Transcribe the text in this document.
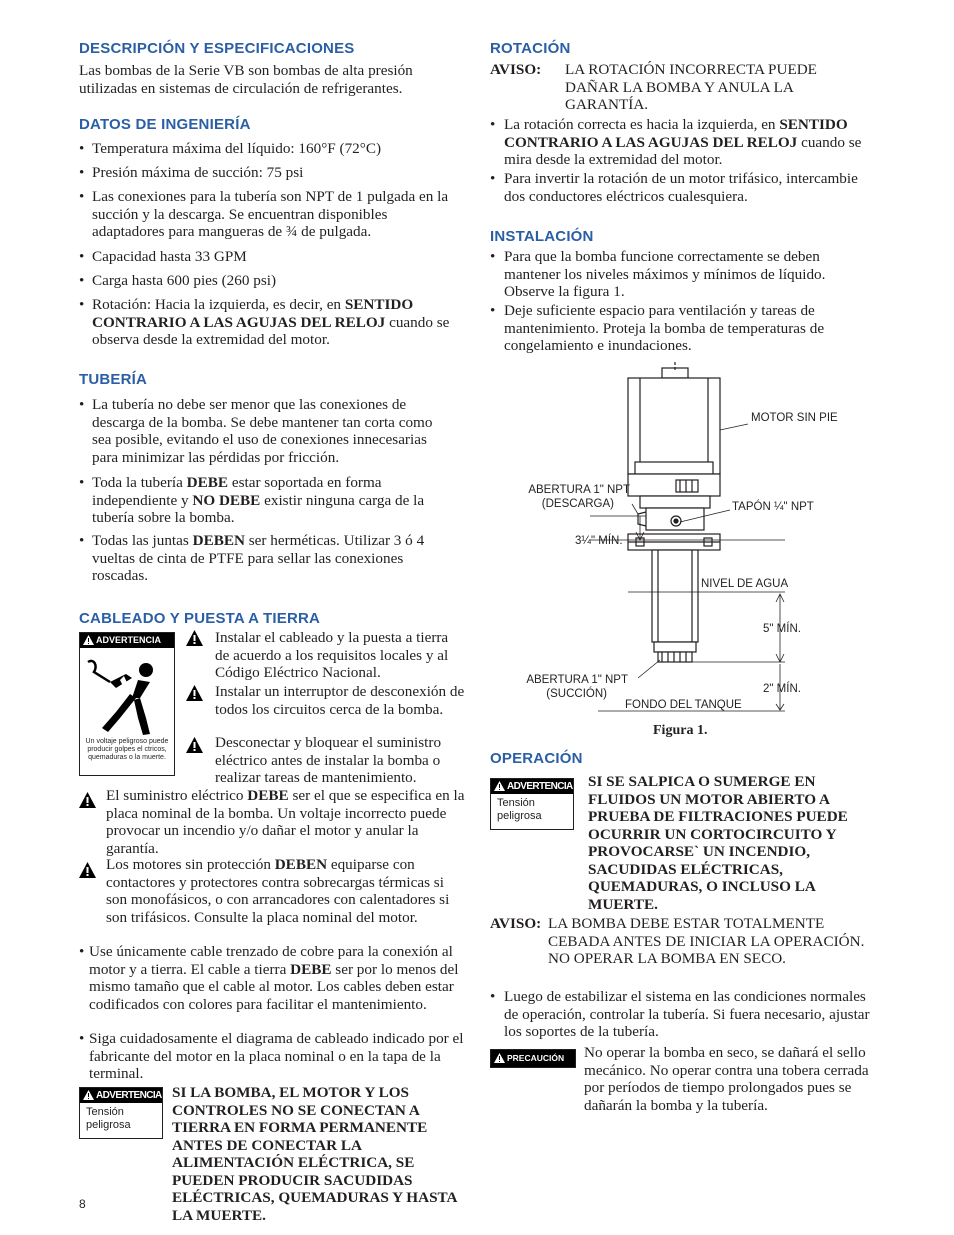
DESCRIPCIÓN Y ESPECIFICACIONES

Las bombas de la Serie VB son bombas de alta presión utilizadas en sistemas de circulación de refrigerantes.

DATOS DE INGENIERÍA
• Temperatura máxima del líquido: 160°F (72°C)
• Presión máxima de succión: 75 psi
• Las conexiones para la tubería son NPT de 1 pulgada en la succión y la descarga. Se encuentran disponibles adaptadores para mangueras de ¾ de pulgada.
• Capacidad hasta 33 GPM
• Carga hasta 600 pies (260 psi)
• Rotación: Hacia la izquierda, es decir, en SENTIDO CONTRARIO A LAS AGUJAS DEL RELOJ cuando se observa desde la extremidad del motor.
TUBERÍA
• La tubería no debe ser menor que las conexiones de descarga de la bomba. Se debe mantener tan corta como sea posible, evitando el uso de conexiones innecesarias para minimizar las pérdidas por fricción.
• Toda la tubería DEBE estar soportada en forma independiente y NO DEBE existir ninguna carga de la tubería sobre la bomba.
• Todas las juntas DEBEN ser herméticas. Utilizar 3 ó 4 vueltas de cinta de PTFE para sellar las conexiones roscadas.
CABLEADO Y PUESTA A TIERRA
ADVERTENCIA
Un voltaje peligroso puede producir golpes el ctricos, quemaduras o la muerte.

Instalar el cableado y la puesta a tierra de acuerdo a los requisitos locales y al Código Eléctrico Nacional.

Instalar un interruptor de desconexión de todos los circuitos cerca de la bomba.

Desconectar y bloquear el suministro eléctrico antes de instalar la bomba o realizar tareas de mantenimiento.

El suministro eléctrico DEBE ser el que se especifica en la placa nominal de la bomba. Un voltaje incorrecto puede provocar un incendio y/o dañar el motor y anular la garantía.

Los motores sin protección DEBEN equiparse con contactores y protectores contra sobrecargas térmicas si son monofásicos, o con arrancadores con calentadores si son trifásicos. Consulte la placa nominal del motor.

• Use únicamente cable trenzado de cobre para la conexión al motor y a tierra. El cable a tierra DEBE ser por lo menos del mismo tamaño que el cable al motor. Los cables deben estar codificados con colores para facilitar el mantenimiento.
• Siga cuidadosamente el diagrama de cableado indicado por el fabricante del motor en la placa nominal o en la tapa de la terminal.
ADVERTENCIA
Tensión peligrosa

SI LA BOMBA, EL MOTOR Y LOS CONTROLES NO SE CONECTAN A TIERRA EN FORMA PERMANENTE ANTES DE CONECTAR LA ALIMENTACIÓN ELÉCTRICA, SE PUEDEN PRODUCIR SACUDIDAS ELÉCTRICAS, QUEMADURAS Y HASTA LA MUERTE.

8
ROTACIÓN

AVISO: LA ROTACIÓN INCORRECTA PUEDE DAÑAR LA BOMBA Y ANULA LA GARANTÍA.

• La rotación correcta es hacia la izquierda, en SENTIDO CONTRARIO A LAS AGUJAS DEL RELOJ cuando se mira desde la extremidad del motor.
• Para invertir la rotación de un motor trifásico, intercambie dos conductores eléctricos cualesquiera.
INSTALACIÓN
• Para que la bomba funcione correctamente se deben mantener los niveles máximos y mínimos de líquido. Observe la figura 1.
• Deje suficiente espacio para ventilación y tareas de mantenimiento. Proteja la bomba de temperaturas de congelamiento e inundaciones.
MOTOR SIN PIE
ABERTURA 1" NPT
(DESCARGA)	TAPÓN ¼" NPT
3¼" MÍN.
NIVEL DE AGUA
5" MÍN.
ABERTURA 1" NPT
(SUCCIÓN)	2" MÍN.
FONDO DEL TANQUE

Figura 1.

OPERACIÓN
ADVERTENCIA
Tensión peligrosa

SI SE SALPICA O SUMERGE EN FLUIDOS UN MOTOR ABIERTO A PRUEBA DE FILTRACIONES PUEDE OCURRIR UN CORTOCIRCUITO Y PROVOCARSE` UN INCENDIO, SACUDIDAS ELÉCTRICAS, QUEMADURAS, O INCLUSO LA MUERTE.

AVISO: LA BOMBA DEBE ESTAR TOTALMENTE CEBADA ANTES DE INICIAR LA OPERACIÓN. NO OPERAR LA BOMBA EN SECO.

• Luego de estabilizar el sistema en las condiciones normales de operación, controlar la tubería. Si fuera necesario, ajustar los soportes de la tubería.
PRECAUCIÓN	No operar la bomba en seco, se dañará el sello mecánico. No operar contra una tobera cerrada por períodos de tiempo prolongados pues se dañarán la bomba y la tubería.
